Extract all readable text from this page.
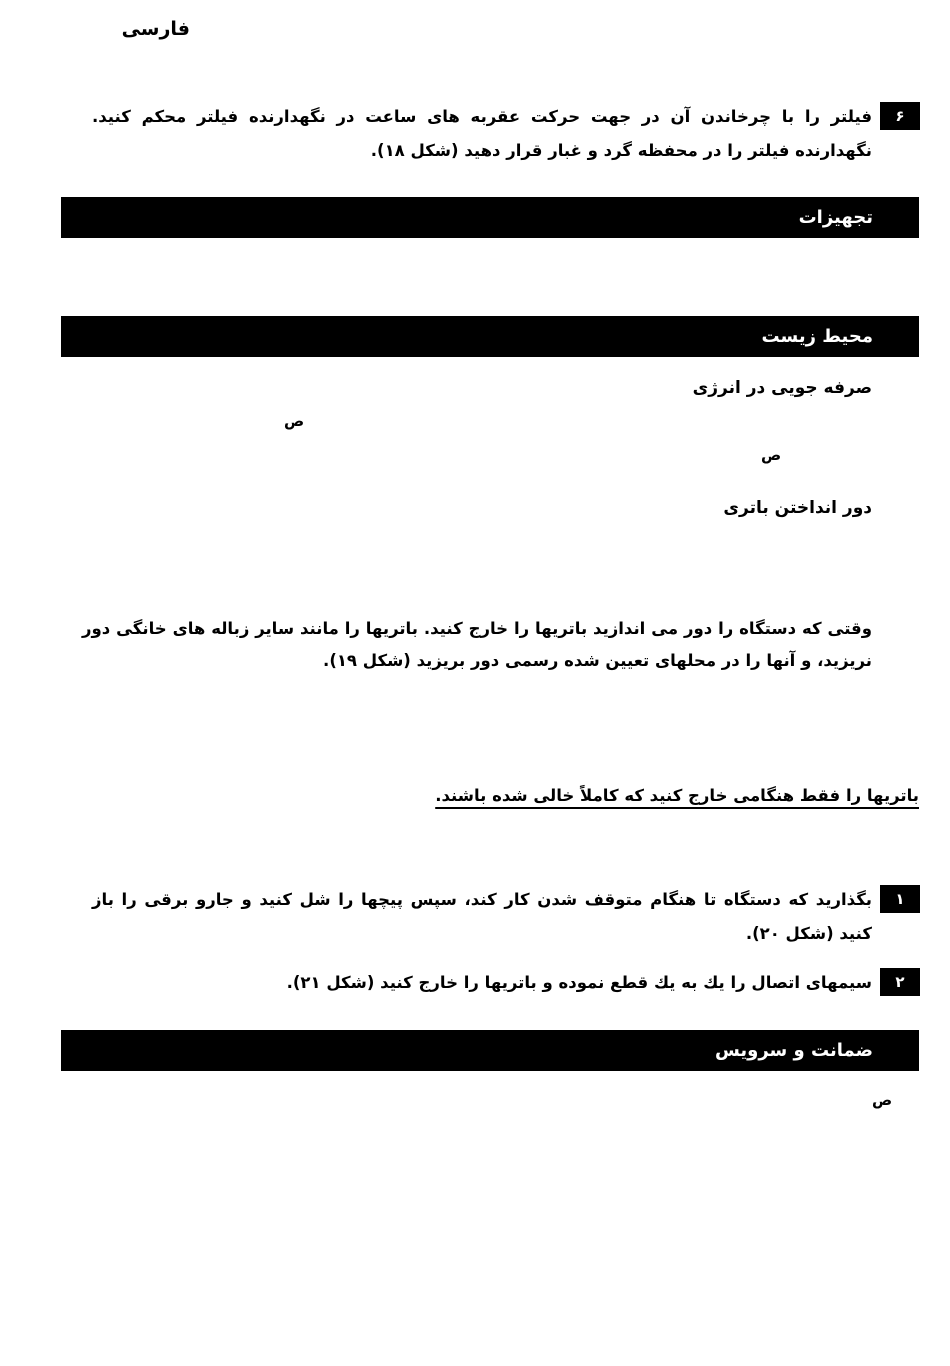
فارسی
۶
فیلتر را با چرخاندن آن در جهت حرکت عقربه های ساعت در نگهدارنده فیلتر محکم کنید. نگهدارنده فیلتر را در محفظه گرد و غبار قرار دهید (شکل ۱۸).
تجهیزات
محیط زیست
صرفه جویی در انرژی
ص
ص
دور انداختن باتری
وقتی که دستگاه را دور می اندازید باتریها را خارج کنید. باتریها را مانند سایر زباله های خانگی دور نریزید، و آنها را در محلهای تعیین شده رسمی دور بریزید (شکل ۱۹).
باتریها را فقط هنگامی خارج کنید که کاملاً خالی شده باشند.
۱
بگذارید که دستگاه تا هنگام متوقف شدن کار کند، سپس پیچها را شل کنید و جارو برقی را باز کنید (شکل ۲۰).
۲
سیمهای اتصال را یك به یك قطع نموده و باتریها را خارج کنید (شکل ۲۱).
ضمانت و سرویس
ص
